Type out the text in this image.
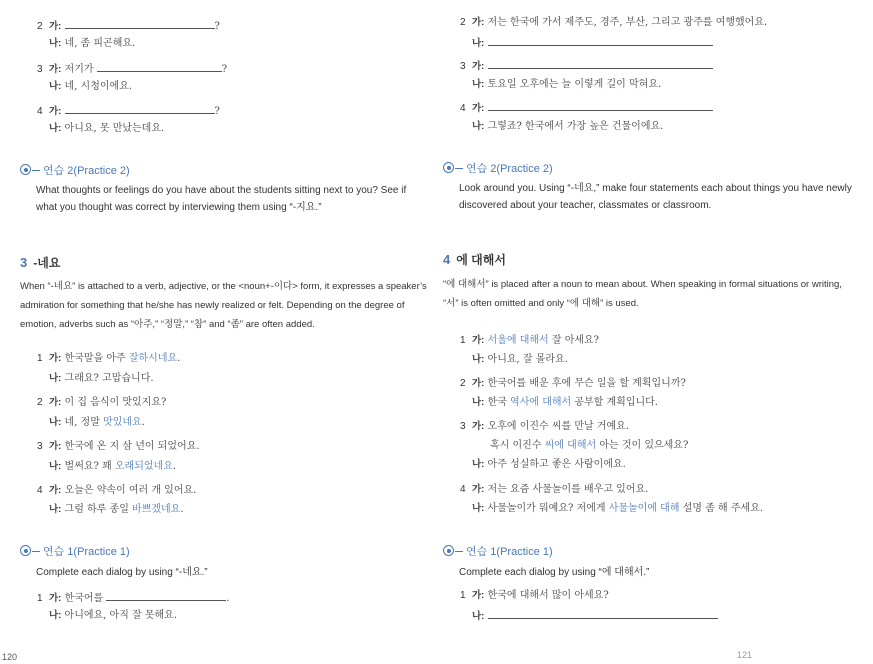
2 가:	?
나: 네, 좀 피곤해요.
3 가: 저기가	?
나: 네, 시청이에요.
4 가:	?
나: 아니요, 못 만났는데요.
연습 2(Practice 2)
What thoughts or feelings do you have about the students sitting next to you? See if what you thought was correct by interviewing them using “-지요.”
3 -네요
When “-네요” is attached to a verb, adjective, or the <noun+-이다> form, it expresses a speaker’s admiration for something that he/she has newly realized or felt. Depending on the degree of emotion, adverbs such as “아주,” “정말,” “참” and “좀” are often added.
1 가: 한국말을 아주 잘하시네요.
나: 그래요? 고맙습니다.
2 가: 이 집 음식이 맛있지요?
나: 네, 정말 맛있네요.
3 가: 한국에 온 지 삼 년이 되었어요.
나: 벌써요? 꽤 오래되었네요.
4 가: 오늘은 약속이 여러 개 있어요.
나: 그럼 하루 종일 바쁘겠네요.
연습 1(Practice 1)
Complete each dialog by using “-네요.”
1 가: 한국어를	.
나: 아니에요, 아직 잘 못해요.
120
2 가: 저는 한국에 가서 제주도, 경주, 부산, 그리고 광주를 여행했어요.
나:
3 가:
나: 토요일 오후에는 늘 이렇게 길이 막혀요.
4 가:
나: 그렇죠? 한국에서 가장 높은 건물이에요.
연습 2(Practice 2)
Look around you. Using “-네요,” make four statements each about things you have newly discovered about your teacher, classmates or classroom.
4 에 대해서
“에 대해서” is placed after a noun to mean about. When speaking in formal situations or writing, “서” is often omitted and only “에 대해” is used.
1 가: 서울에 대해서 잘 아세요?
나: 아니요, 잘 몰라요.
2 가: 한국어를 배운 후에 무슨 일을 할 계획입니까?
나: 한국 역사에 대해서 공부할 계획입니다.
3 가: 오후에 이진수 씨를 만날 거예요.
혹시 이진수 씨에 대해서 아는 것이 있으세요?
나: 아주 성실하고 좋은 사람이에요.
4 가: 저는 요즘 사물놀이를 배우고 있어요.
나: 사물놀이가 뭐예요? 저에게 사물놀이에 대해 설명 좀 해 주세요.
연습 1(Practice 1)
Complete each dialog by using “에 대해서.”
1 가: 한국에 대해서 많이 아세요?
나:
121
